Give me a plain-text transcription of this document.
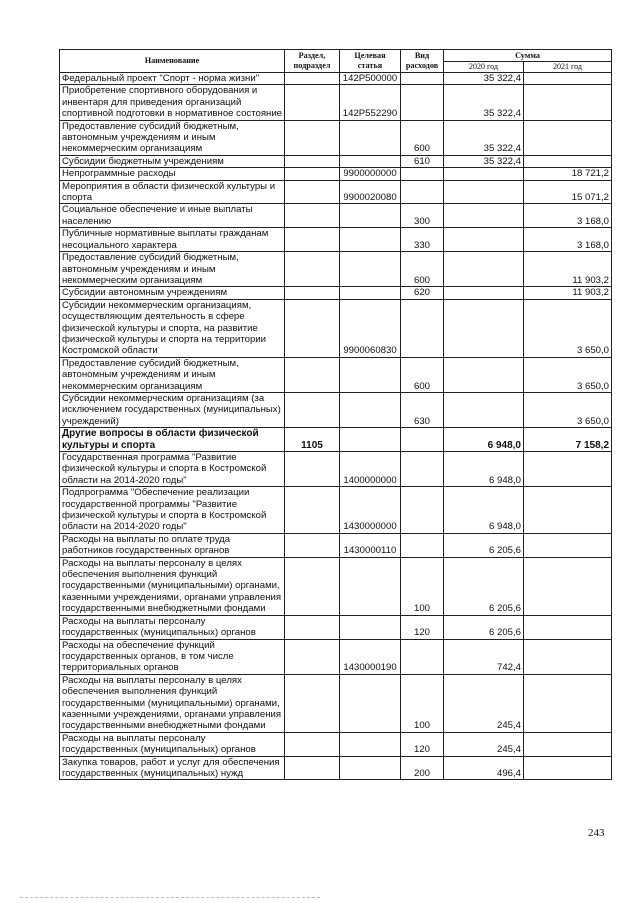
Наименование	Раздел, подраздел	Целевая статья	Вид расходов	Сумма	
				2020 год	2021 год
Федеральный проект "Спорт - норма жизни"		142P500000		35 322,4	
Приобретение спортивного оборудования и инвентаря для приведения организаций спортивной подготовки в нормативное состояние		142P552290		35 322,4	
Предоставление субсидий бюджетным, автономным учреждениям и иным некоммерческим организациям			600	35 322,4	
Субсидии бюджетным учреждениям			610	35 322,4	
Непрограммные расходы		9900000000			18 721,2
Мероприятия в области физической культуры и спорта		9900020080			15 071,2
Социальное обеспечение и иные выплаты населению			300		3 168,0
Публичные нормативные выплаты гражданам несоциального характера			330		3 168,0
Предоставление субсидий бюджетным, автономным учреждениям и иным некоммерческим организациям			600		11 903,2
Субсидии автономным учреждениям			620		11 903,2
Субсидии некоммерческим организациям, осуществляющим деятельность в сфере физической культуры и спорта, на развитие физической культуры и спорта на территории Костромской области		9900060830			3 650,0
Предоставление субсидий бюджетным, автономным учреждениям и иным некоммерческим организациям			600		3 650,0
Субсидии некоммерческим организациям (за исключением государственных (муниципальных) учреждений)			630		3 650,0
Другие вопросы в области физической культуры и спорта	1105			6 948,0	7 158,2
Государственная программа "Развитие физической культуры и спорта в Костромской области на 2014-2020 годы"		1400000000		6 948,0	
Подпрограмма "Обеспечение реализации государственной программы "Развитие физической культуры и спорта в Костромской области на 2014-2020 годы"		1430000000		6 948,0	
Расходы на выплаты по оплате труда работников государственных органов		1430000110		6 205,6	
Расходы на выплаты персоналу в целях обеспечения выполнения функций государственными (муниципальными) органами, казенными учреждениями, органами управления государственными внебюджетными фондами			100	6 205,6	
Расходы на выплаты персоналу государственных (муниципальных) органов			120	6 205,6	
Расходы на обеспечение функций государственных органов, в том числе территориальных органов		1430000190		742,4	
Расходы на выплаты персоналу в целях обеспечения выполнения функций государственными (муниципальными) органами, казенными учреждениями, органами управления государственными внебюджетными фондами			100	245,4	
Расходы на выплаты персоналу государственных (муниципальных) органов			120	245,4	
Закупка товаров, работ и услуг для обеспечения государственных (муниципальных) нужд			200	496,4	
243
